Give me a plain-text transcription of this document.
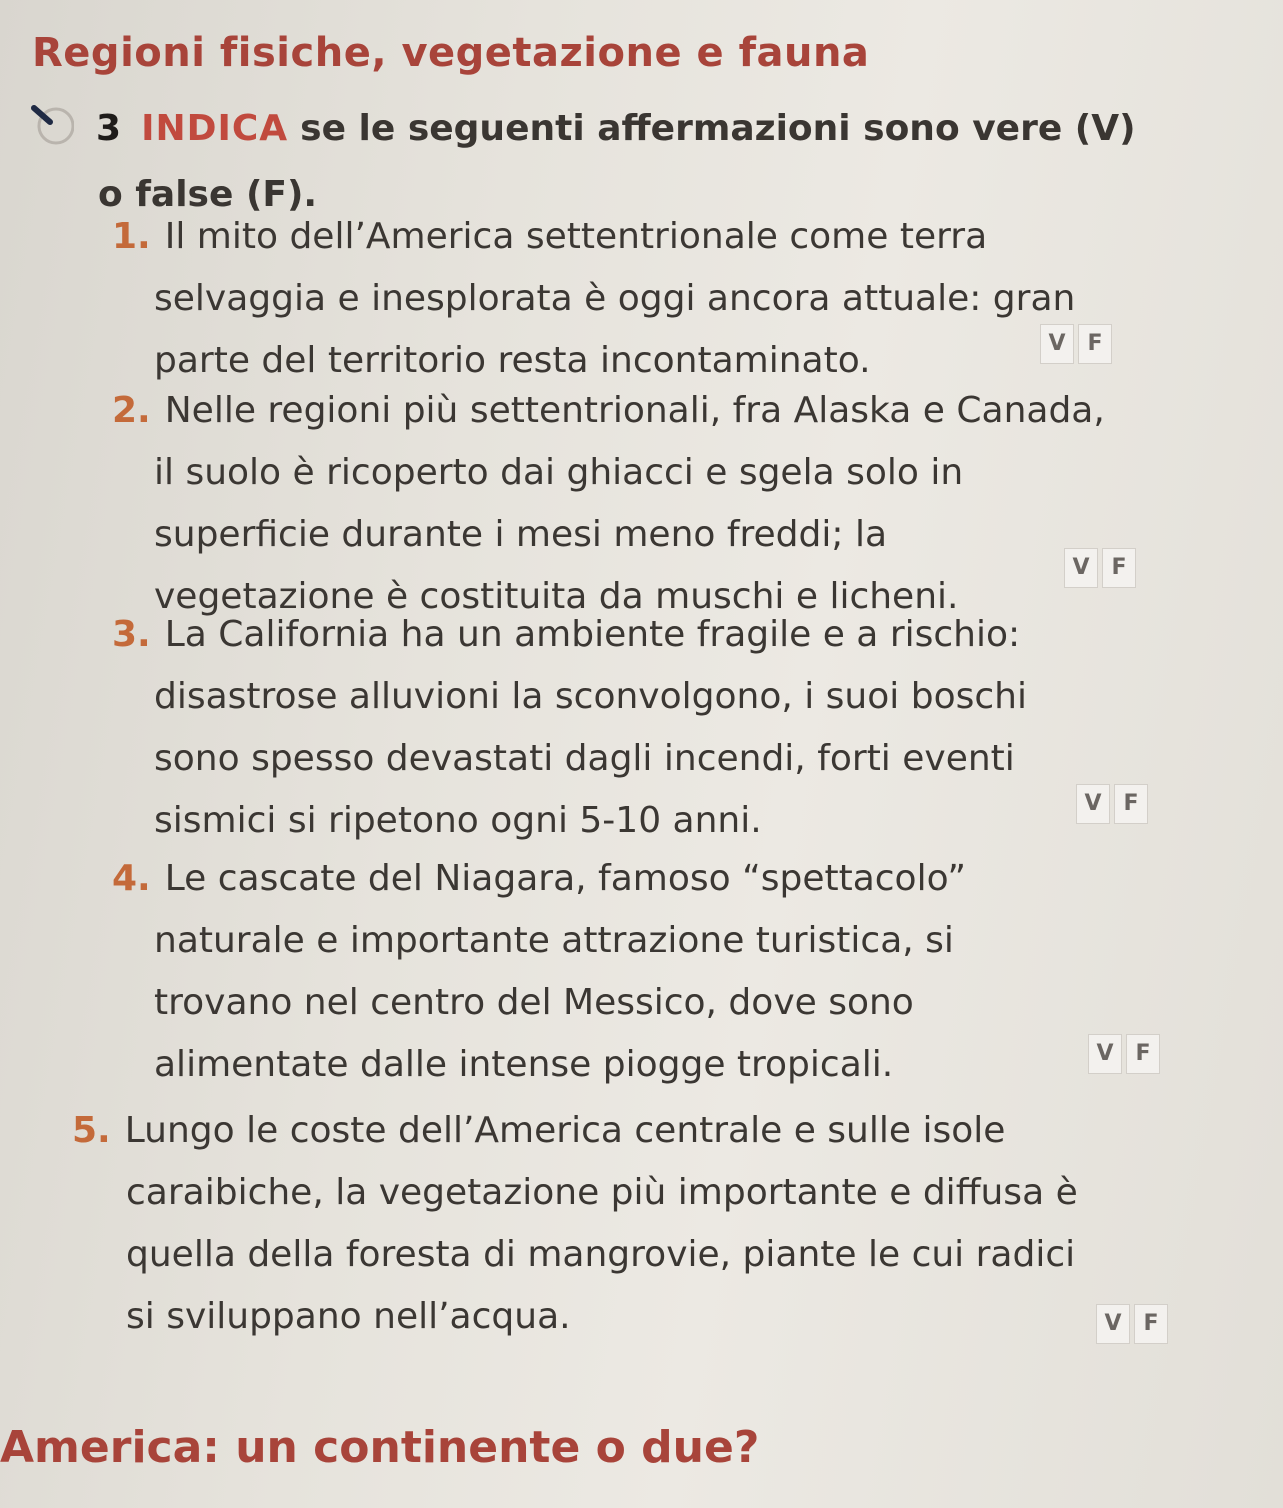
Regioni fisiche, vegetazione e fauna
3 INDICA se le seguenti affermazioni sono vere (V)
o false (F).
1. Il mito dell’America settentrionale come terra
selvaggia e inesplorata è oggi ancora attuale: gran
parte del territorio resta incontaminato.	V F
2. Nelle regioni più settentrionali, fra Alaska e Canada,
il suolo è ricoperto dai ghiacci e sgela solo in
superficie durante i mesi meno freddi; la
vegetazione è costituita da muschi e licheni.
V F
3. La California ha un ambiente fragile e a rischio:
disastrose alluvioni la sconvolgono, i suoi boschi
sono spesso devastati dagli incendi, forti eventi
sismici si ripetono ogni 5-10 anni.	V F
4. Le cascate del Niagara, famoso “spettacolo”
naturale e importante attrazione turistica, si
trovano nel centro del Messico, dove sono
alimentate dalle intense piogge tropicali.	V F
5. Lungo le coste dell’America centrale e sulle isole
caraibiche, la vegetazione più importante e diffusa è
quella della foresta di mangrovie, piante le cui radici
si sviluppano nell’acqua.	V F
America: un continente o due?
